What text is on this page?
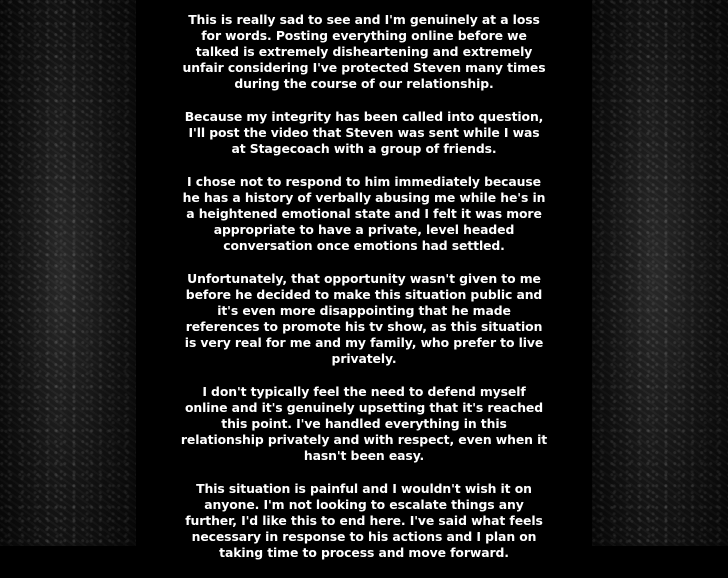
This is really sad to see and I'm genuinely at a loss for words. Posting everything online before we talked is extremely disheartening and extremely unfair considering I've protected Steven many times during the course of our relationship.

Because my integrity has been called into question, I'll post the video that Steven was sent while I was at Stagecoach with a group of friends.

I chose not to respond to him immediately because he has a history of verbally abusing me while he's in a heightened emotional state and I felt it was more appropriate to have a private, level headed conversation once emotions had settled.

Unfortunately, that opportunity wasn't given to me before he decided to make this situation public and it's even more disappointing that he made references to promote his tv show, as this situation is very real for me and my family, who prefer to live privately.

I don't typically feel the need to defend myself online and it's genuinely upsetting that it's reached this point. I've handled everything in this relationship privately and with respect, even when it hasn't been easy.

This situation is painful and I wouldn't wish it on anyone. I'm not looking to escalate things any further, I'd like this to end here. I've said what feels necessary in response to his actions and I plan on taking time to process and move forward.
